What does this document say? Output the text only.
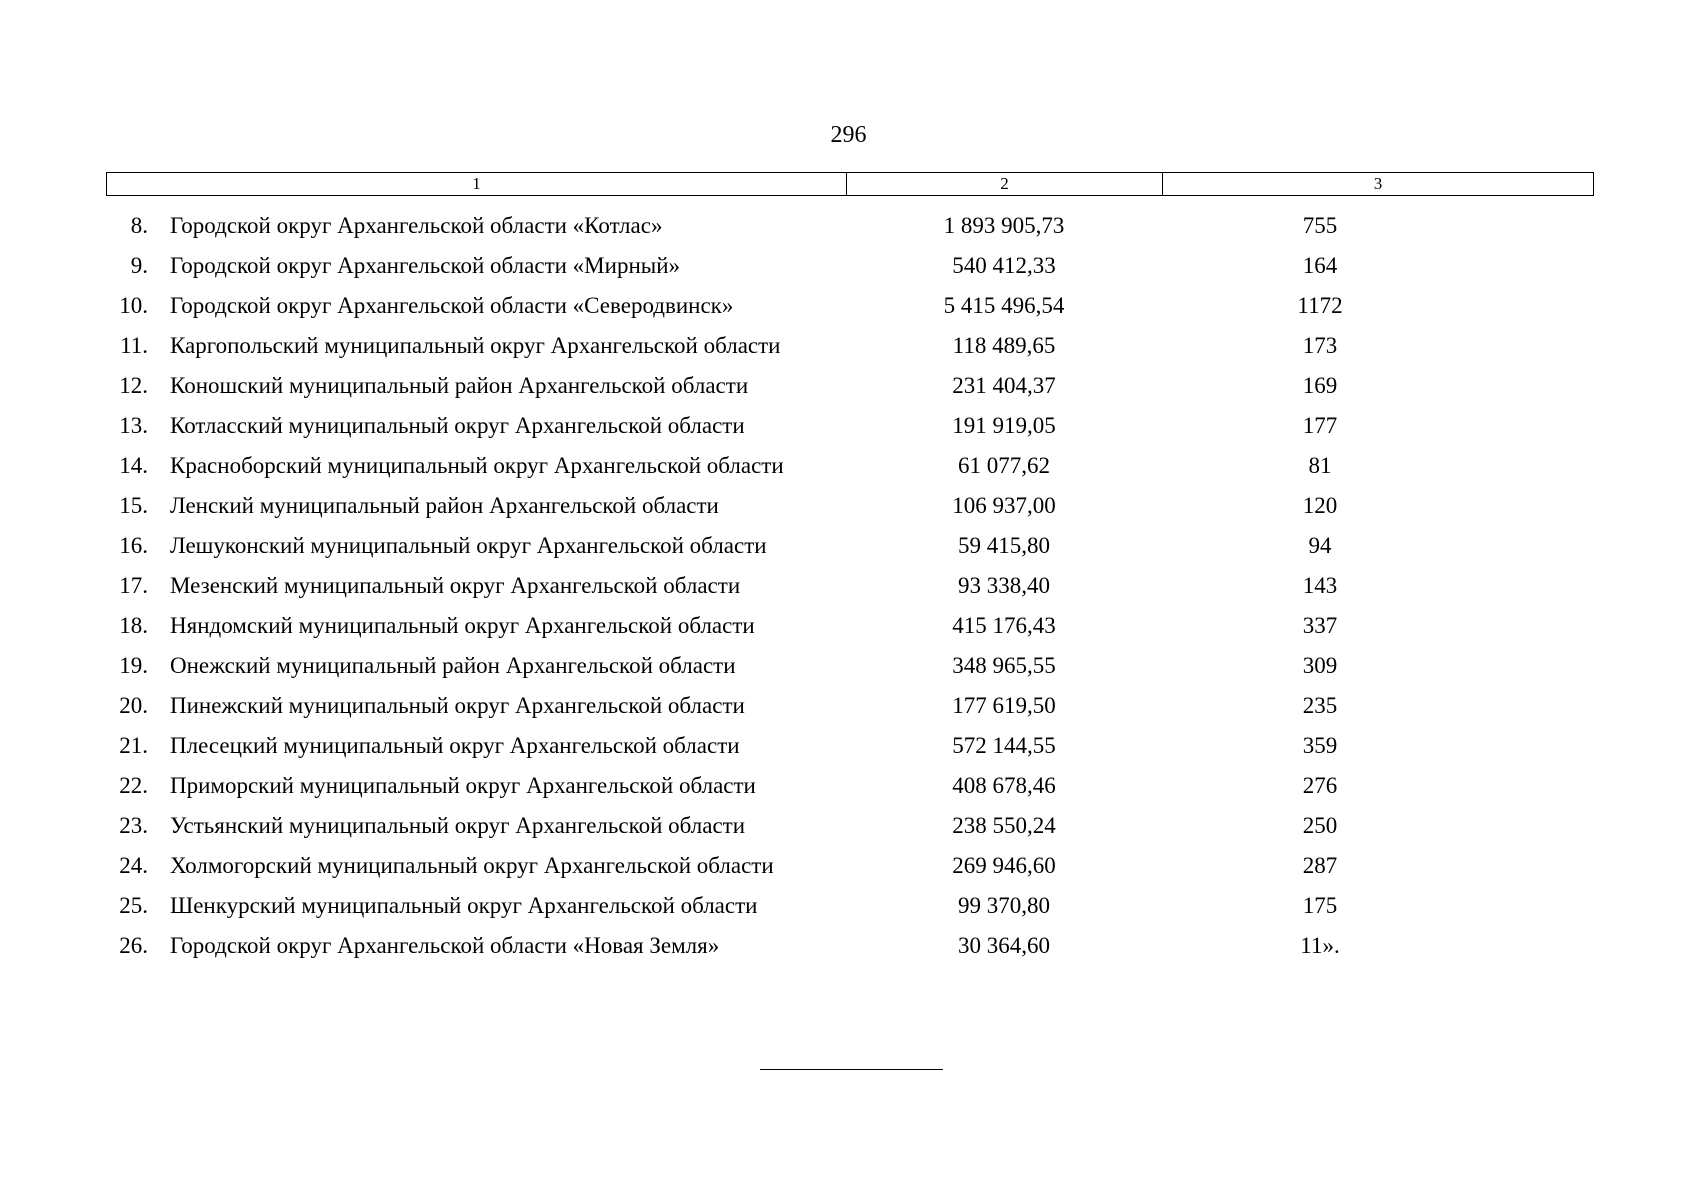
296
1	2	3
8. Городской округ Архангельской области «Котлас»	1 893 905,73	755
9. Городской округ Архангельской области «Мирный»	540 412,33	164
10. Городской округ Архангельской области «Северодвинск»	5 415 496,54	1172
11. Каргопольский муниципальный округ Архангельской области	118 489,65	173
12. Коношский муниципальный район Архангельской области	231 404,37	169
13. Котласский муниципальный округ Архангельской области	191 919,05	177
14. Красноборский муниципальный округ Архангельской области	61 077,62	81
15. Ленский муниципальный район Архангельской области	106 937,00	120
16. Лешуконский муниципальный округ Архангельской области	59 415,80	94
17. Мезенский муниципальный округ Архангельской области	93 338,40	143
18. Няндомский муниципальный округ Архангельской области	415 176,43	337
19. Онежский муниципальный район Архангельской области	348 965,55	309
20. Пинежский муниципальный округ Архангельской области	177 619,50	235
21. Плесецкий муниципальный округ Архангельской области	572 144,55	359
22. Приморский муниципальный округ Архангельской области	408 678,46	276
23. Устьянский муниципальный округ Архангельской области	238 550,24	250
24. Холмогорский муниципальный округ Архангельской области	269 946,60	287
25. Шенкурский муниципальный округ Архангельской области	99 370,80	175
26. Городской округ Архангельской области «Новая Земля»	30 364,60	11».
